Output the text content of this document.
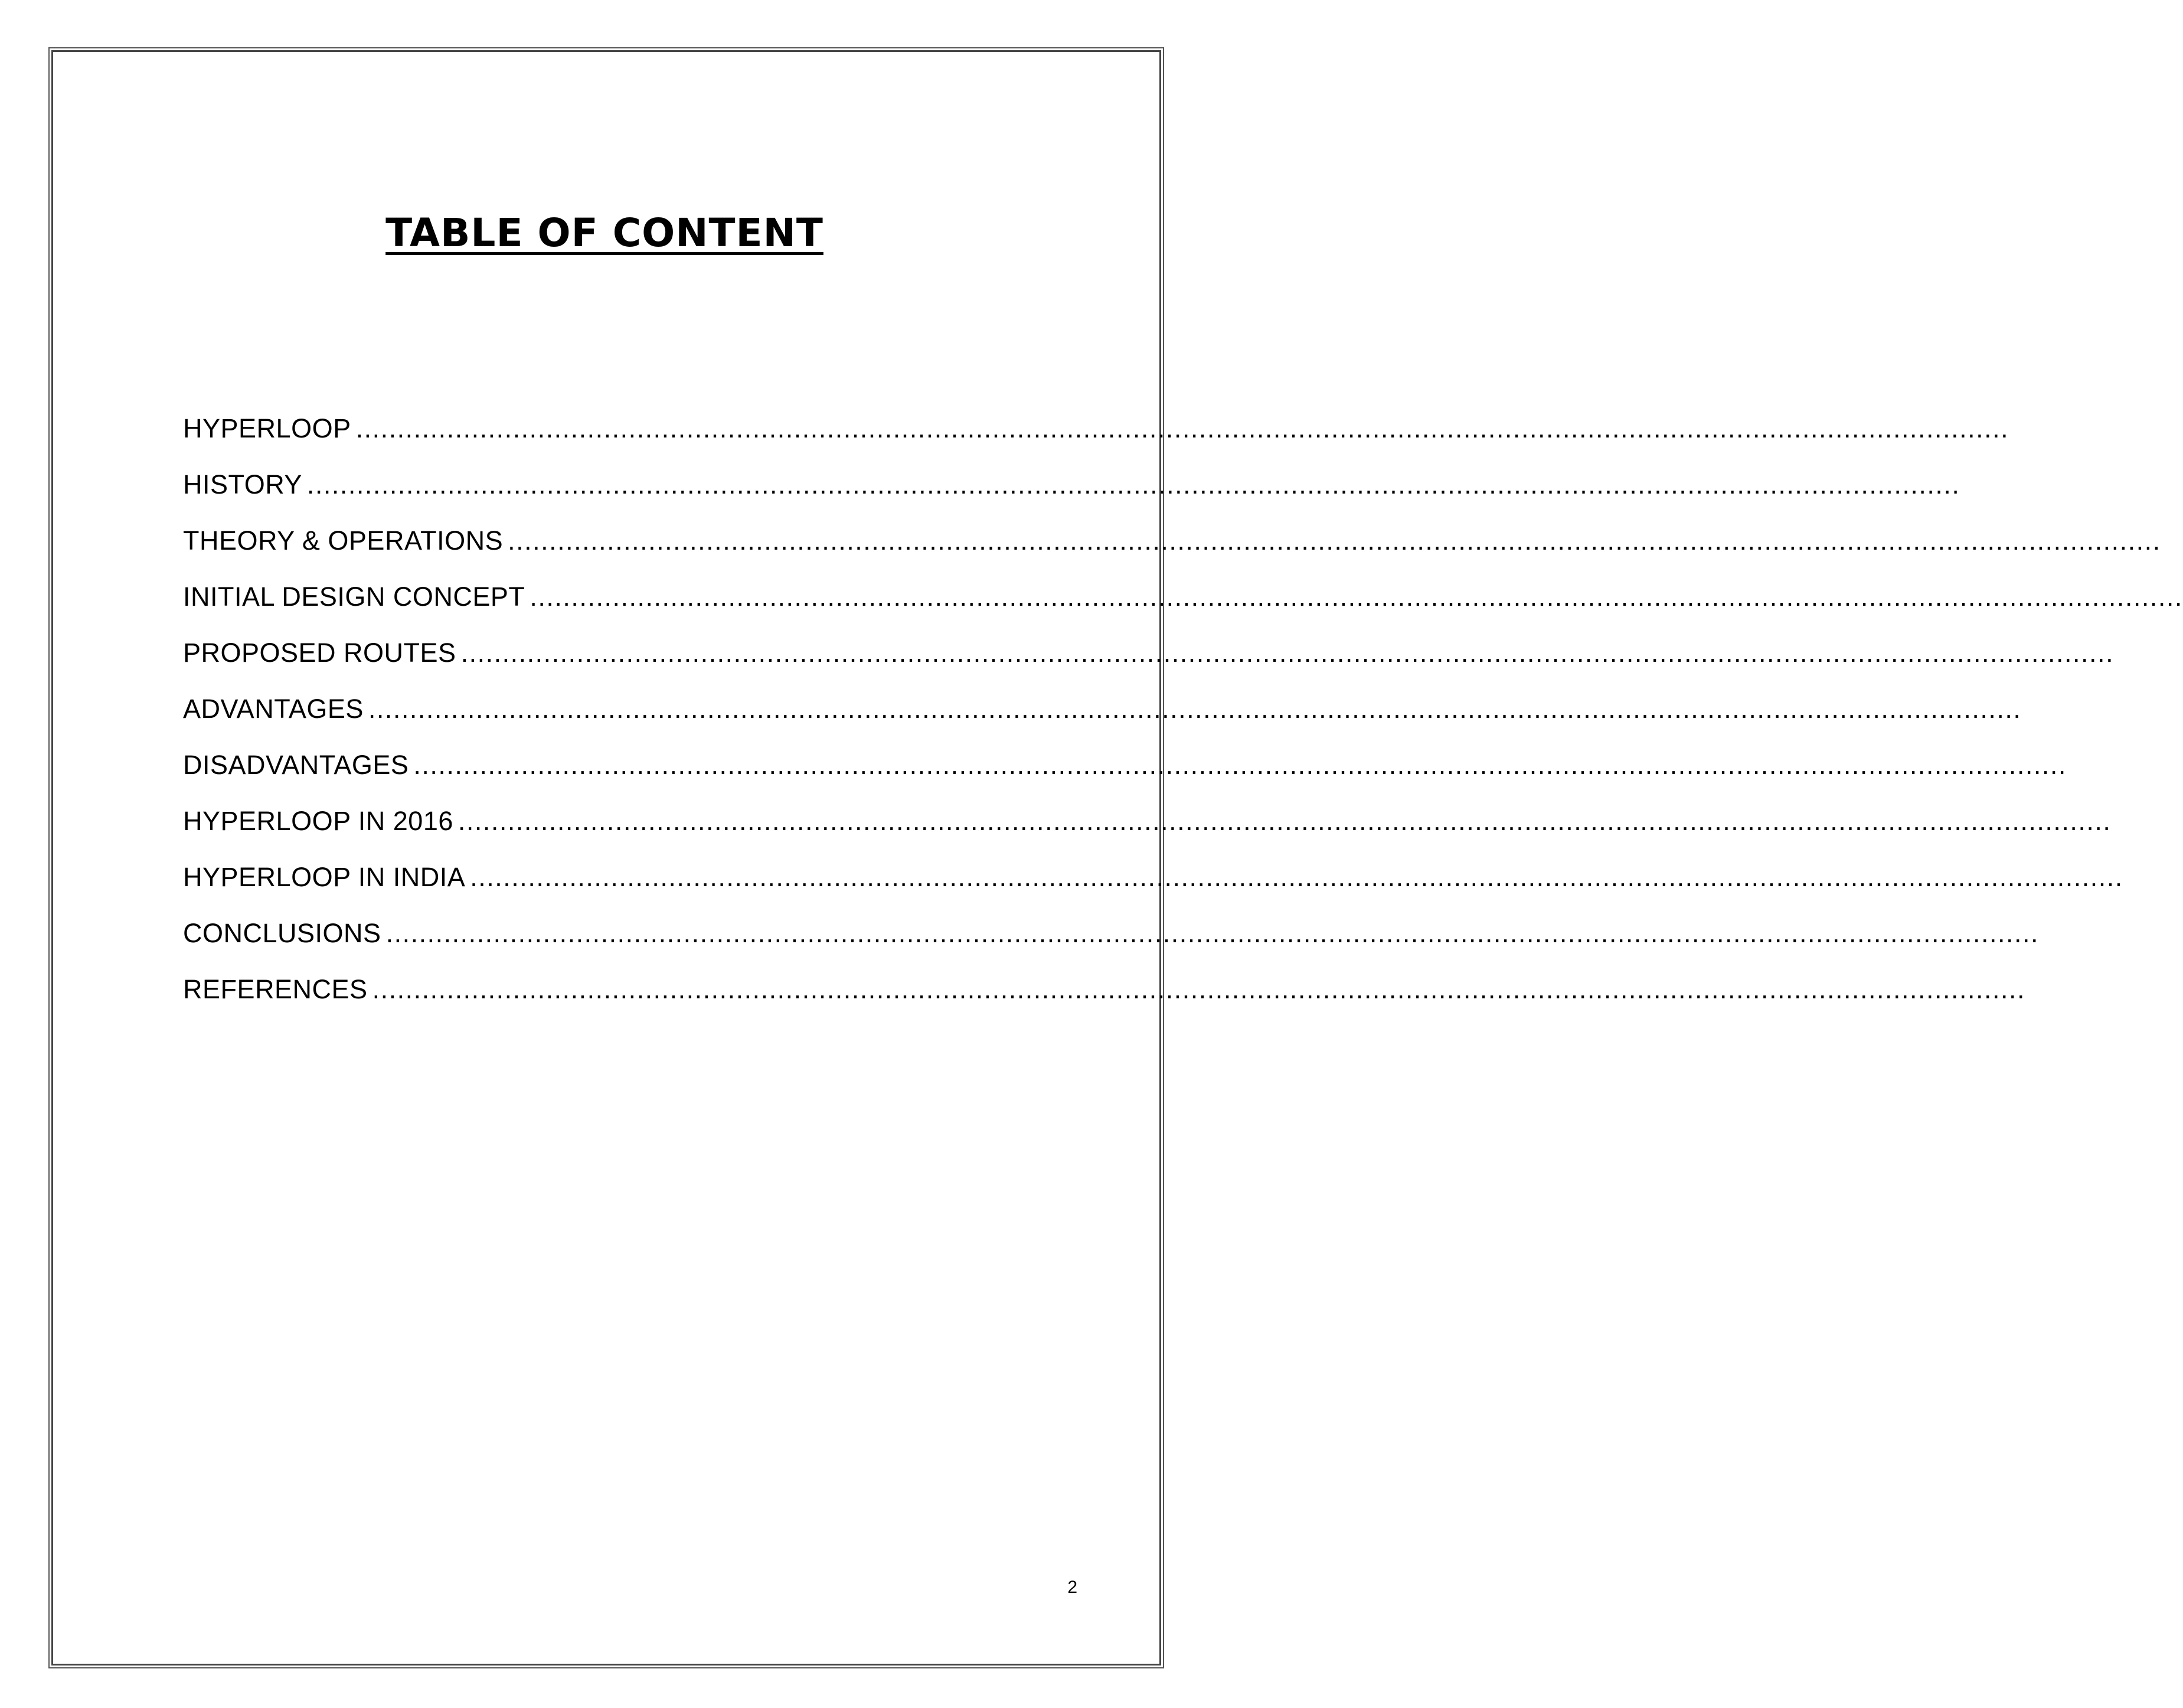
TABLE OF CONTENT
HYPERLOOP ........................................................................................................................................................................................................
HISTORY ........................................................................................................................................................................................................
THEORY & OPERATIONS ........................................................................................................................................................................................................
INITIAL DESIGN CONCEPT ........................................................................................................................................................................................................
PROPOSED ROUTES ........................................................................................................................................................................................................
ADVANTAGES ........................................................................................................................................................................................................
DISADVANTAGES ........................................................................................................................................................................................................
HYPERLOOP IN 2016 ........................................................................................................................................................................................................
HYPERLOOP IN INDIA ........................................................................................................................................................................................................
CONCLUSIONS ........................................................................................................................................................................................................
REFERENCES ........................................................................................................................................................................................................
2
